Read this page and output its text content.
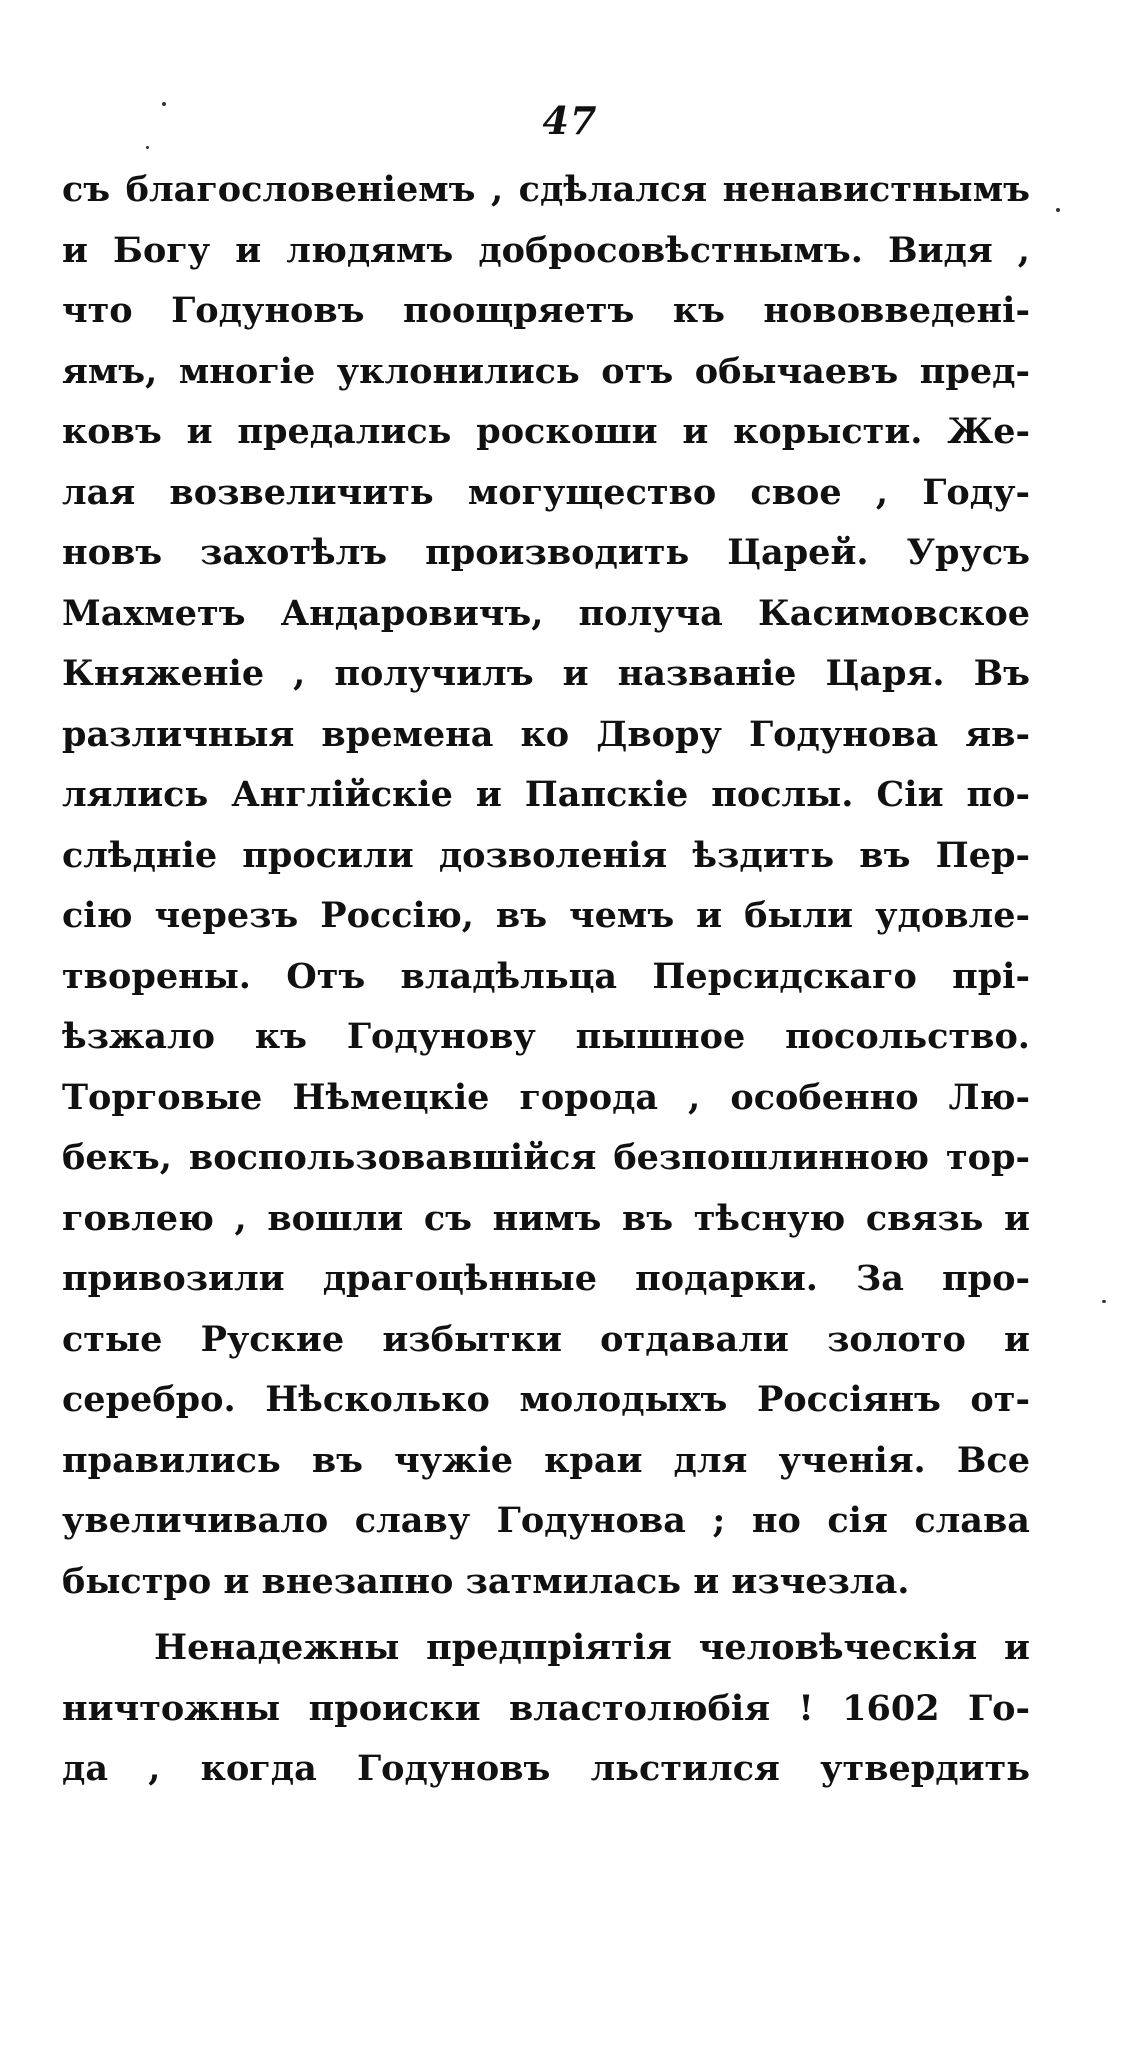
47
съ благословеніемъ , сдѣлался ненавистнымъ
и Богу и людямъ добросовѣстнымъ. Видя ,
что Годуновъ поощряетъ къ нововведені-
ямъ, многіе уклонились отъ обычаевъ пред-
ковъ и предались роскоши и корысти. Же-
лая возвеличить могущество свое , Году-
новъ захотѣлъ производить Царей. Урусъ
Махметъ Андаровичъ, получа Касимовское
Княженіе , получилъ и названіе Царя. Въ
различныя времена ко Двору Годунова яв-
лялись Англійскіе и Папскіе послы. Сіи по-
слѣдніе просили дозволенія ѣздить въ Пер-
сію черезъ Россію, въ чемъ и были удовле-
творены. Отъ владѣльца Персидскаго прі-
ѣзжало къ Годунову пышное посольство.
Торговые Нѣмецкіе города , особенно Лю-
бекъ, воспользовавшійся безпошлинною тор-
говлею , вошли съ нимъ въ тѣсную связь и
привозили драгоцѣнные подарки. За про-
стые Руские избытки отдавали золото и
серебро. Нѣсколько молодыхъ Россіянъ от-
правились въ чужіе краи для ученія. Все
увеличивало славу Годунова ; но сія слава
быстро и внезапно затмилась и изчезла.
Ненадежны предпріятія человѣческія и
ничтожны происки властолюбія ! 1602 Го-
да , когда Годуновъ льстился утвердить
